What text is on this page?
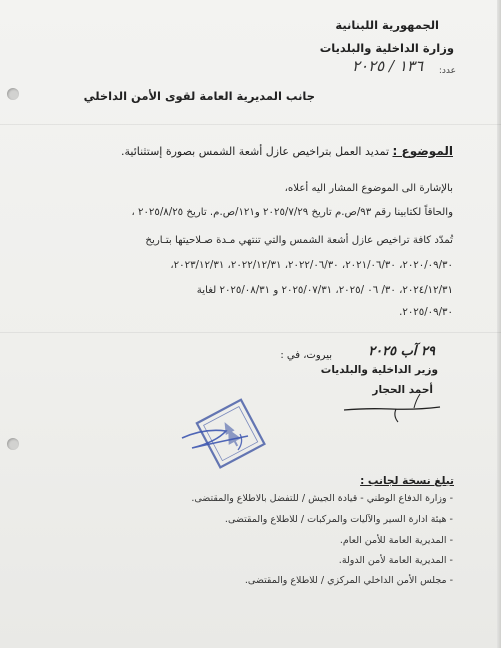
الجمهورية اللبنانية
وزارة الداخلية والبلديات
عدد:
١٣٦ / ٢٠٢٥
جانب المديرية العامة لقوى الأمن الداخلي
الموضوع : تمديد العمل بتراخيص عازل أشعة الشمس بصورة إستثنائية.
بالإشارة الى الموضوع المشار اليه أعلاه،
والحاقاً لكتابينا رقم ٩٣/ص.م تاريخ ٢٠٢٥/٧/٢٩ و١٢١/ص.م. تاريخ ٢٠٢٥/٨/٢٥ ،
تُمدّد كافة تراخيص عازل أشعة الشمس والتي تنتهي مـدة صـلاحيتها بتـاريخ
٢٠٢٠/٠٩/٣٠، ٢٠٢١/٠٦/٣٠، ٢٠٢٢/٠٦/٣٠، ٢٠٢٢/١٢/٣١، ٢٠٢٣/١٢/٣١،
٢٠٢٤/١٢/٣١، ٣٠/ ٠٦ /٢٠٢٥، ٢٠٢٥/٠٧/٣١ و ٢٠٢٥/٠٨/٣١ لغاية
٢٠٢٥/٠٩/٣٠.
بيروت، في :	٢٩ آب ٢٠٢٥
وزير الداخلية والبلديات
أحمد الحجار
تبلغ نسخة لجانب :
- وزارة الدفاع الوطني - قيادة الجيش / للتفضل بالاطلاع والمقتضى.
- هيئة ادارة السير والآليات والمركبات / للاطلاع والمقتضى.
- المديرية العامة للأمن العام.
- المديرية العامة لأمن الدولة.
- مجلس الأمن الداخلي المركزي / للاطلاع والمقتضى.
